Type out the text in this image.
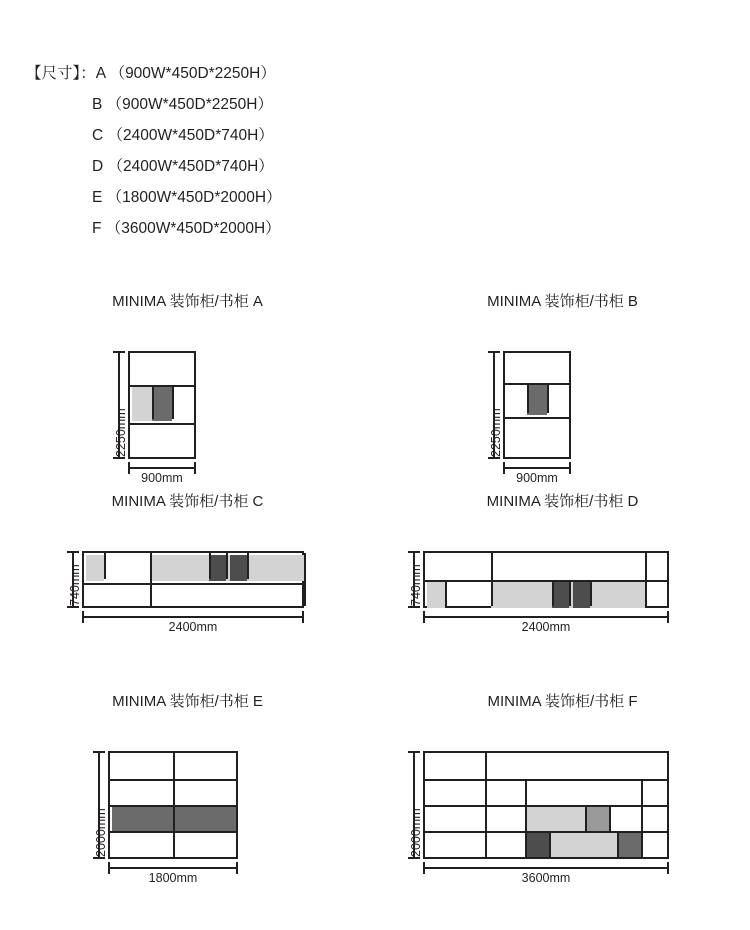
【尺寸】：A （900W*450D*2250H）
B （900W*450D*2250H）
C （2400W*450D*740H）
D （2400W*450D*740H）
E （1800W*450D*2000H）
F （3600W*450D*2000H）
MINIMA 装饰柜/书柜 A
2250mm
900mm
MINIMA 装饰柜/书柜 B
2250mm
900mm
MINIMA 装饰柜/书柜 C
740mm
2400mm
MINIMA 装饰柜/书柜 D
740mm
2400mm
MINIMA 装饰柜/书柜 E
2000mm
1800mm
MINIMA 装饰柜/书柜 F
2000mm
3600mm
